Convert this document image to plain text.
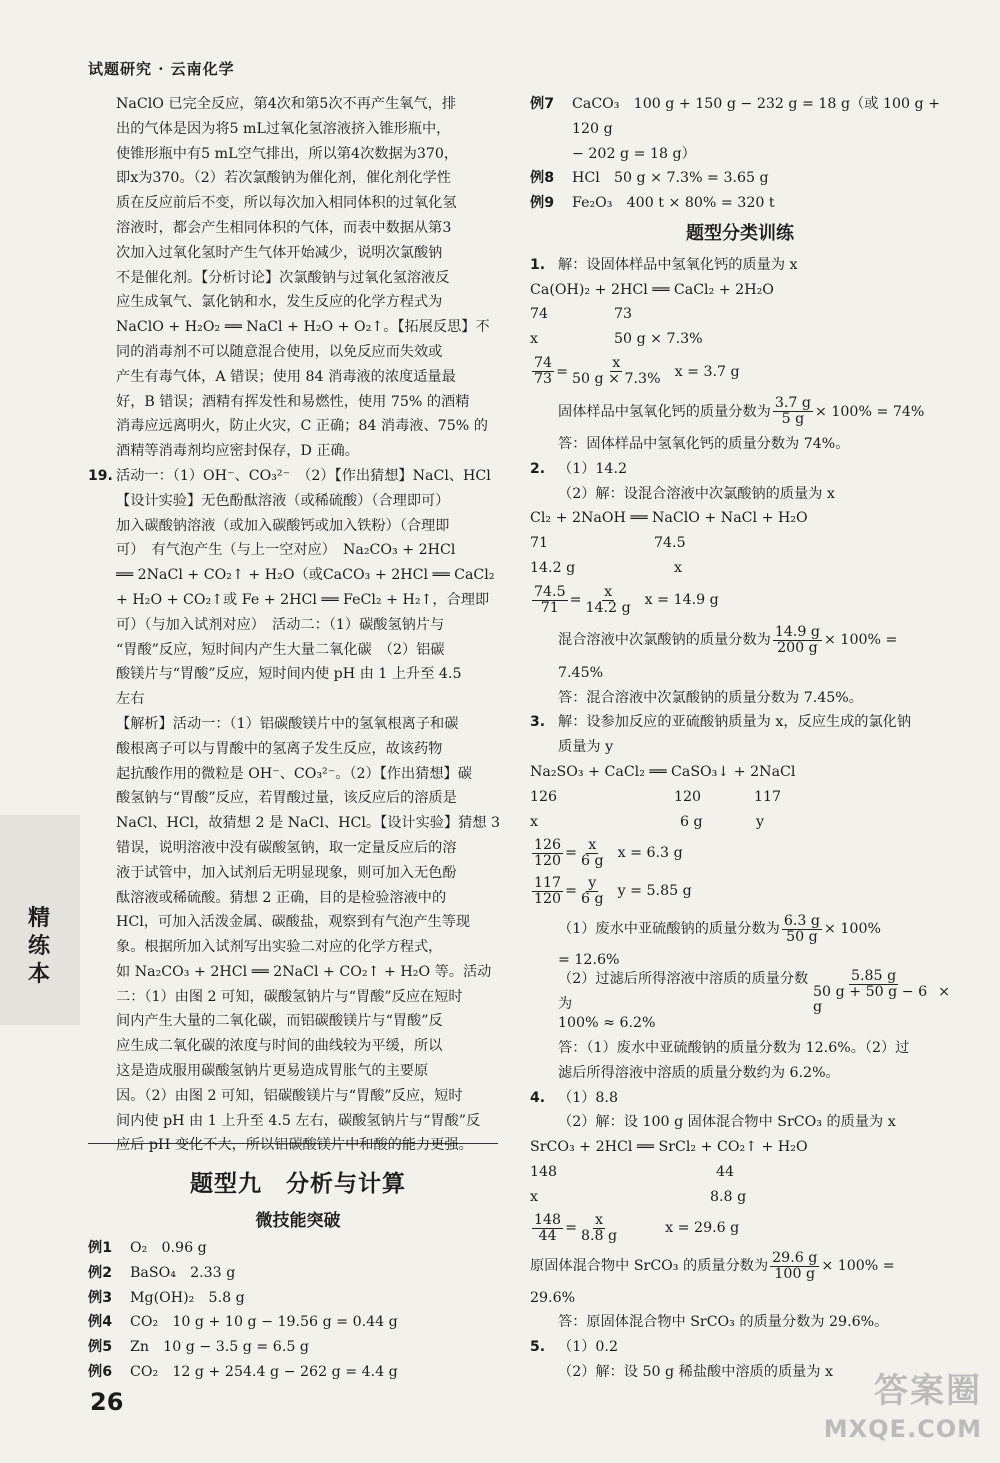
试题研究 · 云南化学
NaClO 已完全反应，第4次和第5次不再产生氧气，排
出的气体是因为将5 mL过氧化氢溶液挤入锥形瓶中，
使锥形瓶中有5 mL空气排出，所以第4次数据为370，
即x为370。（2）若次氯酸钠为催化剂，催化剂化学性
质在反应前后不变，所以每次加入相同体积的过氧化氢
溶液时，都会产生相同体积的气体，而表中数据从第3
次加入过氧化氢时产生气体开始减少，说明次氯酸钠
不是催化剂。【分析讨论】次氯酸钠与过氧化氢溶液反
应生成氧气、氯化钠和水，发生反应的化学方程式为
NaClO + H₂O₂ ══ NaCl + H₂O + O₂↑。【拓展反思】不
同的消毒剂不可以随意混合使用，以免反应而失效或
产生有毒气体，A 错误；使用 84 消毒液的浓度适量最
好，B 错误；酒精有挥发性和易燃性，使用 75% 的酒精
消毒应远离明火，防止火灾，C 正确；84 消毒液、75% 的
酒精等消毒剂均应密封保存，D 正确。
19. 活动一：（1）OH⁻、CO₃²⁻　（2）【作出猜想】NaCl、HCl
【设计实验】无色酚酞溶液（或稀硫酸）（合理即可）
加入碳酸钠溶液（或加入碳酸钙或加入铁粉）（合理即
可）　有气泡产生（与上一空对应）　Na₂CO₃ + 2HCl
══ 2NaCl + CO₂↑ + H₂O（或CaCO₃ + 2HCl ══ CaCl₂
+ H₂O + CO₂↑或 Fe + 2HCl ══ FeCl₂ + H₂↑，合理即
可）（与加入试剂对应）　活动二：（1）碳酸氢钠片与
“胃酸”反应，短时间内产生大量二氧化碳　（2）铝碳
酸镁片与“胃酸”反应，短时间内使 pH 由 1 上升至 4.5
左右
【解析】活动一：（1）铝碳酸镁片中的氢氧根离子和碳
酸根离子可以与胃酸中的氢离子发生反应，故该药物
起抗酸作用的微粒是 OH⁻、CO₃²⁻。（2）【作出猜想】碳
酸氢钠与“胃酸”反应，若胃酸过量，该反应后的溶质是
NaCl、HCl，故猜想 2 是 NaCl、HCl。【设计实验】猜想 3
错误，说明溶液中没有碳酸氢钠，取一定量反应后的溶
液于试管中，加入试剂后无明显现象，则可加入无色酚
酞溶液或稀硫酸。猜想 2 正确，目的是检验溶液中的
HCl，可加入活泼金属、碳酸盐，观察到有气泡产生等现
象。根据所加入试剂写出实验二对应的化学方程式，
如 Na₂CO₃ + 2HCl ══ 2NaCl + CO₂↑ + H₂O 等。活动
二：（1）由图 2 可知，碳酸氢钠片与“胃酸”反应在短时
间内产生大量的二氧化碳，而铝碳酸镁片与“胃酸”反
应生成二氧化碳的浓度与时间的曲线较为平缓，所以
这是造成服用碳酸氢钠片更易造成胃胀气的主要原
因。（2）由图 2 可知，铝碳酸镁片与“胃酸”反应，短时
间内使 pH 由 1 上升至 4.5 左右，碳酸氢钠片与“胃酸”反
应后 pH 变化不大，所以铝碳酸镁片中和酸的能力更强。
题型九　分析与计算
微技能突破
例1	O₂　0.96 g
例2	BaSO₄　2.33 g
例3	Mg(OH)₂　5.8 g
例4	CO₂　10 g + 10 g − 19.56 g = 0.44 g
例5	Zn　10 g − 3.5 g = 6.5 g
例6	CO₂　12 g + 254.4 g − 262 g = 4.4 g
例7	CaCO₃　100 g + 150 g − 232 g = 18 g（或 100 g + 120 g
− 202 g = 18 g）
例8	HCl　50 g × 7.3% = 3.65 g
例9	Fe₂O₃　400 t × 80% = 320 t
题型分类训练
1. 解：设固体样品中氢氧化钙的质量为 x
Ca(OH)₂ + 2HCl ══ CaCl₂ + 2H₂O
74	73
x	50 g × 7.3%
$\frac{74}{73} = \frac{x}{50 g \times 7.3\%}$ x = 3.7 g
固体样品中氢氧化钙的质量分数为 $\frac{3.7 g}{5 g} \times 100\% = 74\%$
答：固体样品中氢氧化钙的质量分数为 74%。
2. （1）14.2
（2）解：设混合溶液中次氯酸钠的质量为 x
Cl₂ + 2NaOH ══ NaClO + NaCl + H₂O
71	74.5
14.2 g	x
$\frac{74.5}{71} = \frac{x}{14.2 g}$ x = 14.9 g
混合溶液中次氯酸钠的质量分数为 $\frac{14.9 g}{200 g} \times 100\%$ =
7.45%
答：混合溶液中次氯酸钠的质量分数为 7.45%。
3. 解：设参加反应的亚硫酸钠质量为 x，反应生成的氯化钠
质量为 y
Na₂SO₃ + CaCl₂ ══ CaSO₃↓ + 2NaCl
126	120	117
x	6 g	y
$\frac{126}{120} = \frac{x}{6 g}$ x = 6.3 g
$\frac{117}{120} = \frac{y}{6 g}$ y = 5.85 g
（1）废水中亚硫酸钠的质量分数为 $\frac{6.3 g}{50 g} \times 100\%$
= 12.6%
（2）过滤后所得溶液中溶质的质量分数为	$\frac{5.85 g}{50 g + 50 g - 6 g}$ ×
100% ≈ 6.2%
答：（1）废水中亚硫酸钠的质量分数为 12.6%。（2）过
滤后所得溶液中溶质的质量分数约为 6.2%。
4. （1）8.8
（2）解：设 100 g 固体混合物中 SrCO₃ 的质量为 x
SrCO₃ + 2HCl ══ SrCl₂ + CO₂↑ + H₂O
148	44
x	8.8 g
$\frac{148}{44} = \frac{x}{8.8 g}$	x = 29.6 g
原固体混合物中 SrCO₃ 的质量分数为 $\frac{29.6 g}{100 g} \times 100\%$ =
29.6%
答：原固体混合物中 SrCO₃ 的质量分数为 29.6%。
5. （1）0.2
（2）解：设 50 g 稀盐酸中溶质的质量为 x
精练本
26	答案圈
MXQE.COM
